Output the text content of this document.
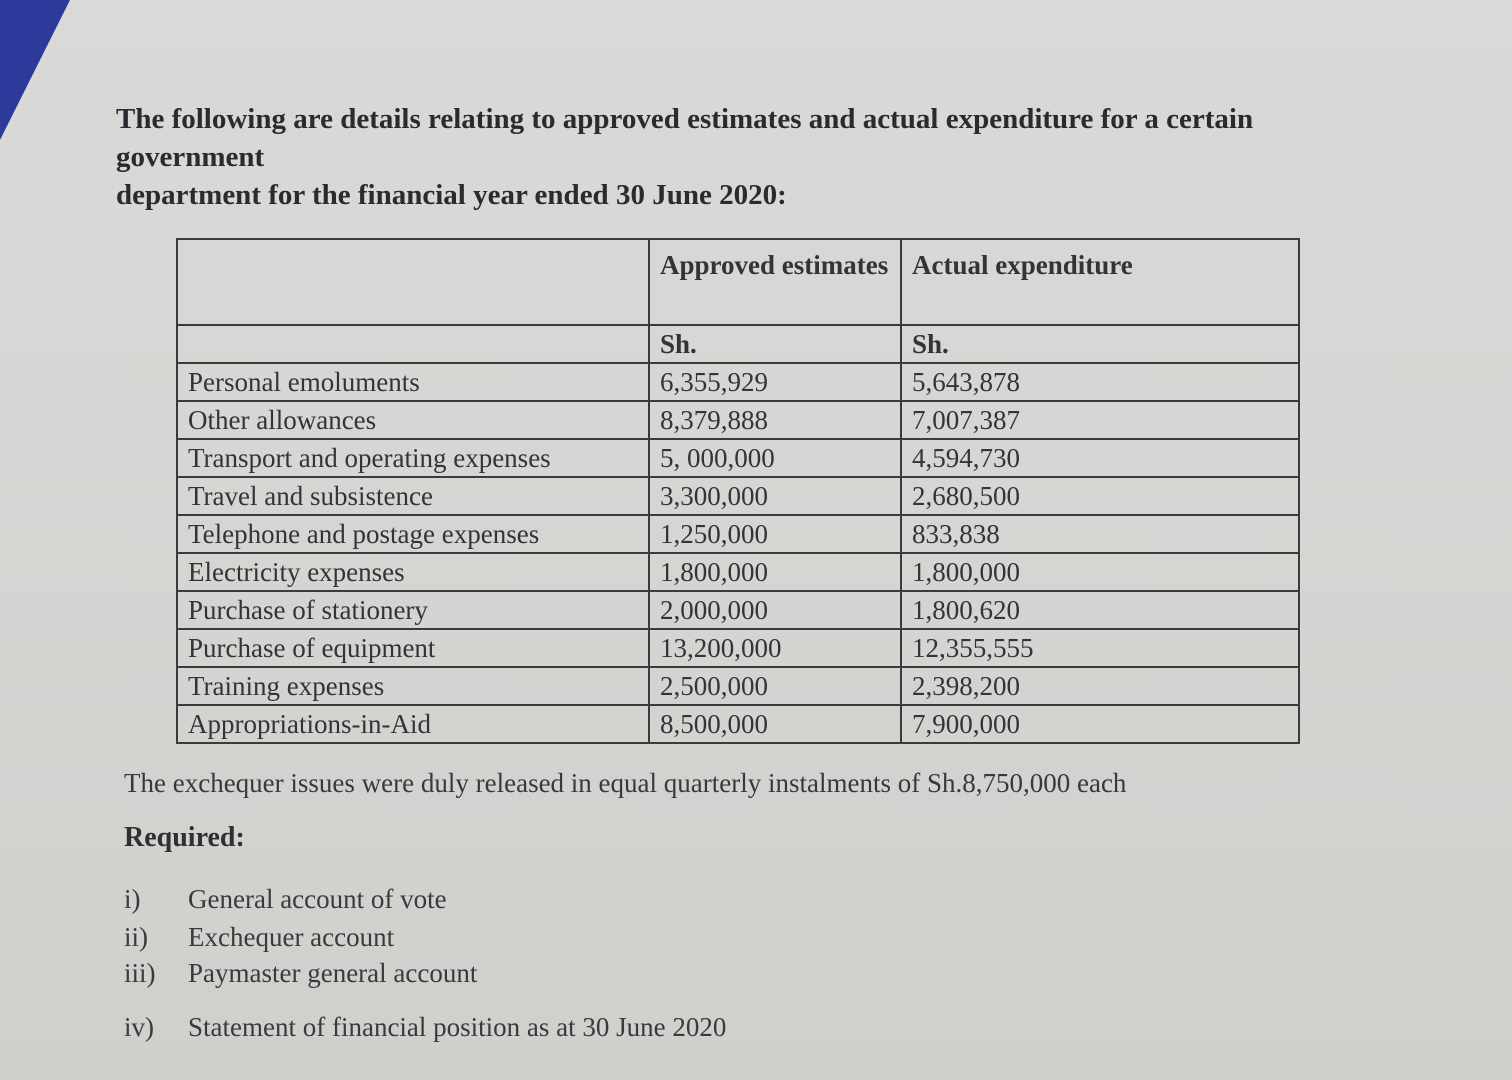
The following are details relating to approved estimates and actual expenditure for a certain government

department for the financial year ended 30 June 2020:

	Approved estimates	Actual expenditure
	Sh.	Sh.
Personal emoluments	6,355,929	5,643,878
Other allowances	8,379,888	7,007,387
Transport and operating expenses	5, 000,000	4,594,730
Travel and subsistence	3,300,000	2,680,500
Telephone and postage expenses	1,250,000	833,838
Electricity expenses	1,800,000	1,800,000
Purchase of stationery	2,000,000	1,800,620
Purchase of equipment	13,200,000	12,355,555
Training expenses	2,500,000	2,398,200
Appropriations-in-Aid	8,500,000	7,900,000
The exchequer issues were duly released in equal quarterly instalments of Sh.8,750,000 each
Required:
i) General account of vote
ii) Exchequer account
iii) Paymaster general account
iv) Statement of financial position as at 30 June 2020
